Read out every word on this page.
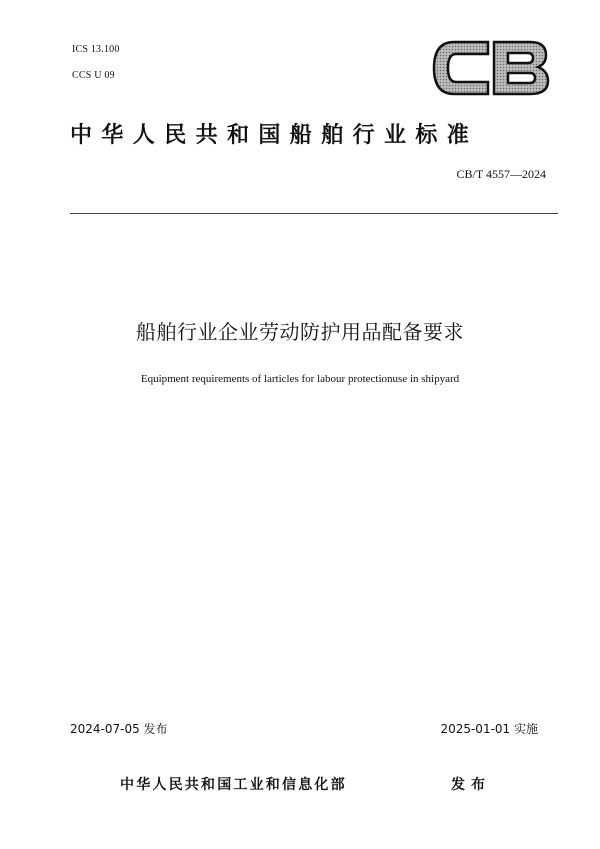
ICS 13.100
CCS U 09
中华人民共和国船舶行业标准
CB/T 4557—2024
船舶行业企业劳动防护用品配备要求
Equipment requirements of larticles for labour protectionuse in shipyard
2024-07-05 发布	2025-01-01 实施
中华人民共和国工业和信息化部	发布
